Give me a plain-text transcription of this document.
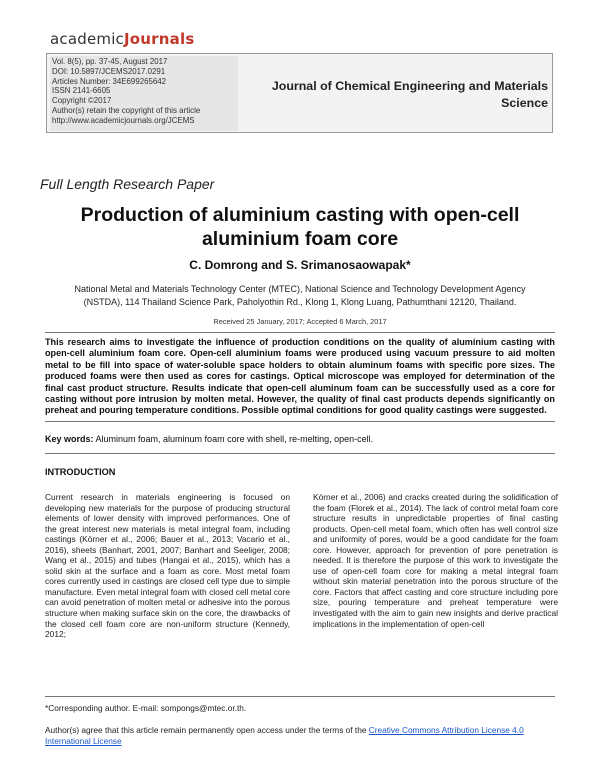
academicJournals
Vol. 8(5), pp. 37-45, August 2017
DOI: 10.5897/JCEMS2017.0291
Articles Number: 34E699265642
ISSN 2141-6605
Copyright ©2017
Author(s) retain the copyright of this article
http://www.academicjournals.org/JCEMS
Journal of Chemical Engineering and Materials
Science
Full Length Research Paper
Production of aluminium casting with open-cell
aluminium foam core
C. Domrong and S. Srimanosaowapak*
National Metal and Materials Technology Center (MTEC), National Science and Technology Development Agency
(NSTDA), 114 Thailand Science Park, Paholyothin Rd., Klong 1, Klong Luang, Pathumthani 12120, Thailand.
Received 25 January, 2017; Accepted 6 March, 2017
This research aims to investigate the influence of production conditions on the quality of aluminium casting with open-cell aluminium foam core. Open-cell aluminium foams were produced using vacuum pressure to aid molten metal to be fill into space of water-soluble space holders to obtain aluminum foams with specific pore sizes. The produced foams were then used as cores for castings. Optical microscope was employed for determination of the final cast product structure. Results indicate that open-cell aluminum foam can be successfully used as a core for casting without pore intrusion by molten metal. However, the quality of final cast products depends significantly on preheat and pouring temperature conditions. Possible optimal conditions for good quality castings were suggested.
Key words: Aluminum foam, aluminum foam core with shell, re-melting, open-cell.
INTRODUCTION
Current research in materials engineering is focused on developing new materials for the purpose of producing structural elements of lower density with improved performances. One of the great interest new materials is metal integral foam, including castings (Körner et al., 2006; Bauer et al., 2013; Vacario et al., 2016), sheets (Banhart, 2001, 2007; Banhart and Seeliger, 2008; Wang et al., 2015) and tubes (Hangai et al., 2015), which has a solid skin at the surface and a foam as core. Most metal foam cores currently used in castings are closed cell type due to simple manufacture. Even metal integral foam with closed cell metal core can avoid penetration of molten metal or adhesive into the porous structure when making surface skin on the core, the drawbacks of the closed cell foam core are non-uniform structure (Kennedy, 2012;
Körner et al., 2006) and cracks created during the solidification of the foam (Florek et al., 2014). The lack of control metal foam core structure results in unpredictable properties of final casting products. Open-cell metal foam, which often has well control size and uniformity of pores, would be a good candidate for the foam core. However, approach for prevention of pore penetration is needed. It is therefore the purpose of this work to investigate the use of open-cell foam core for making a metal integral foam without skin material penetration into the porous structure of the core. Factors that affect casting and core structure including pore size, pouring temperature and preheat temperature were investigated with the aim to gain new insights and derive practical implications in the implementation of open-cell
*Corresponding author. E-mail: sompongs@mtec.or.th.
Author(s) agree that this article remain permanently open access under the terms of the Creative Commons Attribution License 4.0 International License
